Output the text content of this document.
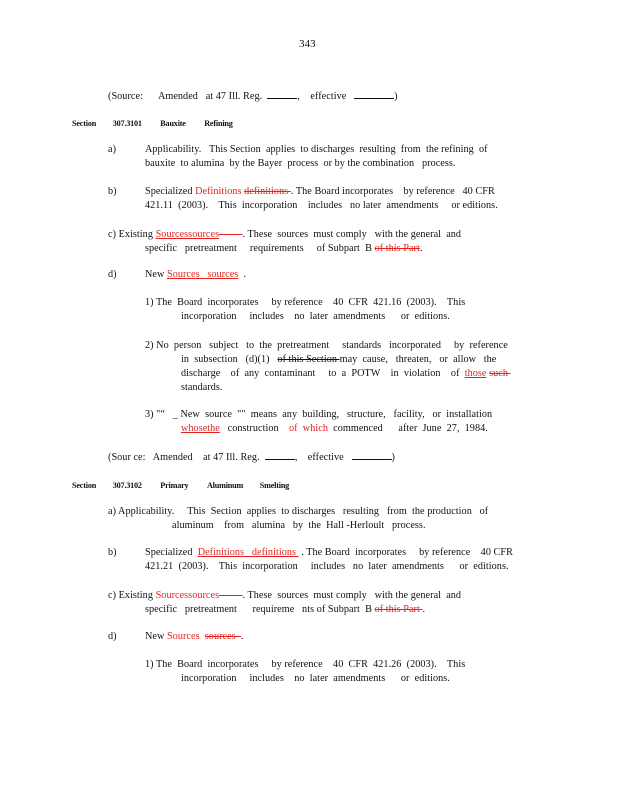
343
(Source: Amended at 47 Ill. Reg.	,    effective	)
Section 307.3101 Bauxite Refining
a)	Applicability.   This Section  applies  to discharges  resulting  from  the refining  of
bauxite  to alumina  by the Bayer  process  or by the combination   process.
b)	Specialized Definitions definitions . The Board incorporates    by reference   40 CFR
421.11  (2003).    This  incorporation    includes   no later  amendments     or editions.
c) Existing Sourcessources . These  sources  must comply   with the general  and
specific   pretreatment     requirements     of Subpart  B of this Part.
d)	New Sources   sources  .
1) The  Board  incorporates     by reference    40  CFR  421.16  (2003).    This
incorporation     includes    no  later  amendments      or  editions.
2) No  person   subject   to  the  pretreatment     standards   incorporated     by  reference
in  subsection   (d)(1)   of this Section may  cause,   threaten,   or  allow   the
discharge    of  any  contaminant     to  a  POTW    in  violation    of  those such
standards.
3) "“   _ New  source  ""  means  any  building,   structure,   facility,   or  installation
whosethe   construction    of  which  commenced      after  June  27,  1984.
(Sour ce: Amended at 47 Ill. Reg.	,    effective	)
Section 307.3102 Primary Aluminum Smelting
a) Applicability.     This  Section  applies  to discharges   resulting   from  the production   of
aluminum    from   alumina   by  the  Hall -Herloult   process.
b)	Specialized  Definitions   definitions  . The Board  incorporates     by reference    40 CFR
421.21  (2003).    This  incorporation     includes   no  later  amendments      or  editions.
c) Existing Sourcessources . These  sources  must comply   with the general  and
specific   pretreatment      requireme   nts of Subpart  B of this Part .
d)	New Sources  sources  .
1) The  Board  incorporates     by reference    40  CFR  421.26  (2003).    This
incorporation     includes    no  later  amendments      or  editions.
